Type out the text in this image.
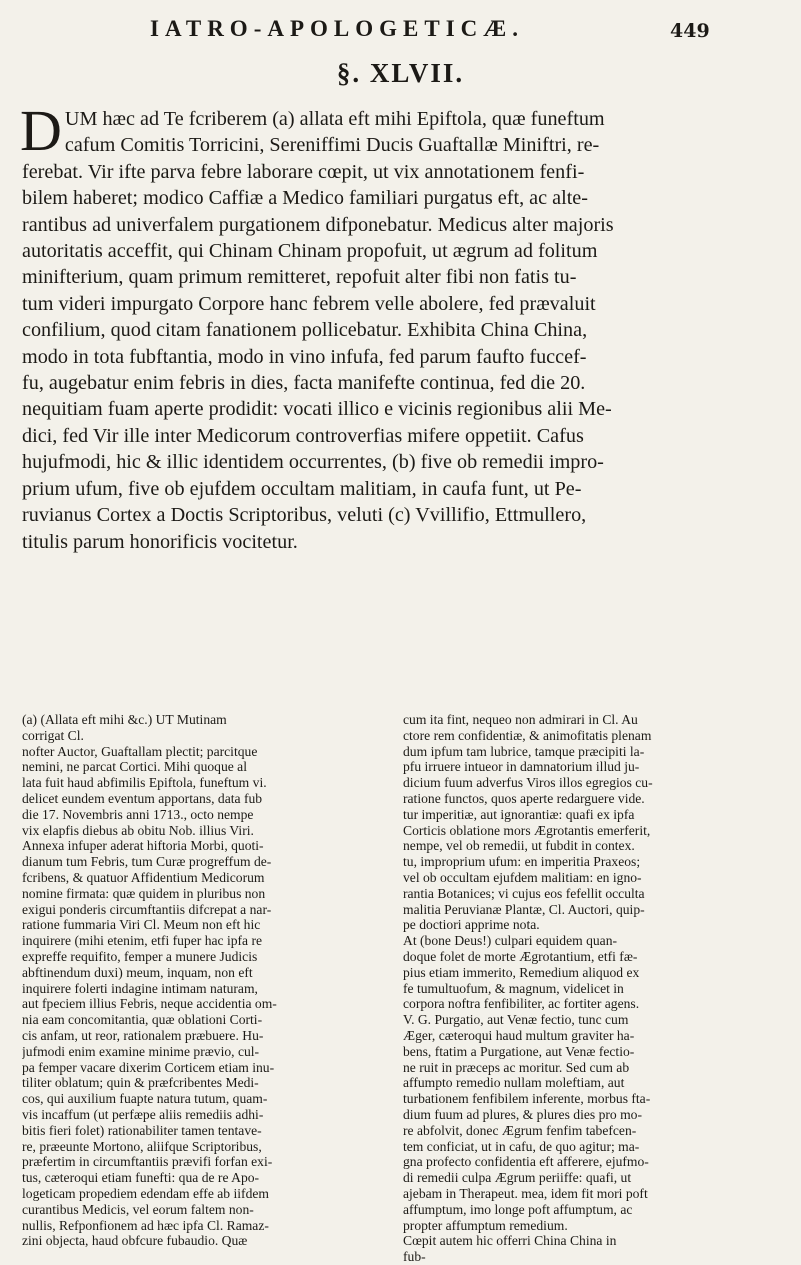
IATRO-APOLOGETICÆ.	449
§. XLVII.
D UM hæc ad Te fcriberem (a) allata eft mihi Epiftola, quæ funeftum
cafum Comitis Torricini, Sereniffimi Ducis Guaftallæ Miniftri, re-
ferebat. Vir ifte parva febre laborare cœpit, ut vix annotationem fenfi-
bilem haberet; modico Caffiæ a Medico familiari purgatus eft, ac alte-
rantibus ad univerfalem purgationem difponebatur. Medicus alter majoris
autoritatis acceffit, qui Chinam Chinam propofuit, ut ægrum ad folitum
minifterium, quam primum remitteret, repofuit alter fibi non fatis tu-
tum videri impurgato Corpore hanc febrem velle abolere, fed prævaluit
confilium, quod citam fanationem pollicebatur. Exhibita China China,
modo in tota fubftantia, modo in vino infufa, fed parum faufto fuccef-
fu, augebatur enim febris in dies, facta manifefte continua, fed die 20.
nequitiam fuam aperte prodidit: vocati illico e vicinis regionibus alii Me-
dici, fed Vir ille inter Medicorum controverfias mifere oppetiit. Cafus
hujufmodi, hic & illic identidem occurrentes, (b) five ob remedii impro-
prium ufum, five ob ejufdem occultam malitiam, in caufa funt, ut Pe-
ruvianus Cortex a Doctis Scriptoribus, veluti (c) Vvillifio, Ettmullero,
titulis parum honorificis vocitetur.
(a) (Allata eft mihi &c.) UT Mutinam
corrigat Cl.
nofter Auctor, Guaftallam plectit; parcitque
nemini, ne parcat Cortici. Mihi quoque al
lata fuit haud abfimilis Epiftola, funeftum vi.
delicet eundem eventum apportans, data fub
die 17. Novembris anni 1713., octo nempe
vix elapfis diebus ab obitu Nob. illius Viri.
Annexa infuper aderat hiftoria Morbi, quoti-
dianum tum Febris, tum Curæ progreffum de-
fcribens, & quatuor Affidentium Medicorum
nomine firmata: quæ quidem in pluribus non
exigui ponderis circumftantiis difcrepat a nar-
ratione fummaria Viri Cl. Meum non eft hic
inquirere (mihi etenim, etfi fuper hac ipfa re
expreffe requifito, femper a munere Judicis
abftinendum duxi) meum, inquam, non eft
inquirere folerti indagine intimam naturam,
aut fpeciem illius Febris, neque accidentia om-
nia eam concomitantia, quæ oblationi Corti-
cis anfam, ut reor, rationalem præbuere. Hu-
jufmodi enim examine minime prævio, cul-
pa femper vacare dixerim Corticem etiam inu-
tiliter oblatum; quin & præfcribentes Medi-
cos, qui auxilium fuapte natura tutum, quam-
vis incaffum (ut perfæpe aliis remediis adhi-
bitis fieri folet) rationabiliter tamen tentave-
re, præeunte Mortono, aliifque Scriptoribus,
præfertim in circumftantiis prævifi forfan exi-
tus, cæteroqui etiam funefti: qua de re Apo-
logeticam propediem edendam effe ab iifdem
curantibus Medicis, vel eorum faltem non-
nullis, Refponfionem ad hæc ipfa Cl. Ramaz-
zini objecta, haud obfcure fubaudio. Quæ
cum ita fint, nequeo non admirari in Cl. Au
ctore rem confidentiæ, & animofitatis plenam
dum ipfum tam lubrice, tamque præcipiti la-
pfu irruere intueor in damnatorium illud ju-
dicium fuum adverfus Viros illos egregios cu-
ratione functos, quos aperte redarguere vide.
tur imperitiæ, aut ignorantiæ: quafi ex ipfa
Corticis oblatione mors Ægrotantis emerferit,
nempe, vel ob remedii, ut fubdit in contex.
tu, improprium ufum: en imperitia Praxeos;
vel ob occultam ejufdem malitiam: en igno-
rantia Botanices; vi cujus eos fefellit occulta
malitia Peruvianæ Plantæ, Cl. Auctori, quip-
pe doctiori apprime nota.
At (bone Deus!) culpari equidem quan-
doque folet de morte Ægrotantium, etfi fæ-
pius etiam immerito, Remedium aliquod ex
fe tumultuofum, & magnum, videlicet in
corpora noftra fenfibiliter, ac fortiter agens.
V. G. Purgatio, aut Venæ fectio, tunc cum
Æger, cæteroqui haud multum graviter ha-
bens, ftatim a Purgatione, aut Venæ fectio-
ne ruit in præceps ac moritur. Sed cum ab
affumpto remedio nullam moleftiam, aut
turbationem fenfibilem inferente, morbus fta-
dium fuum ad plures, & plures dies pro mo-
re abfolvit, donec Ægrum fenfim tabefcen-
tem conficiat, ut in cafu, de quo agitur; ma-
gna profecto confidentia eft afferere, ejufmo-
di remedii culpa Ægrum periiffe: quafi, ut
ajebam in Therapeut. mea, idem fit mori poft
affumptum, imo longe poft affumptum, ac
propter affumptum remedium.
Cœpit autem hic offerri China China in
fub-
